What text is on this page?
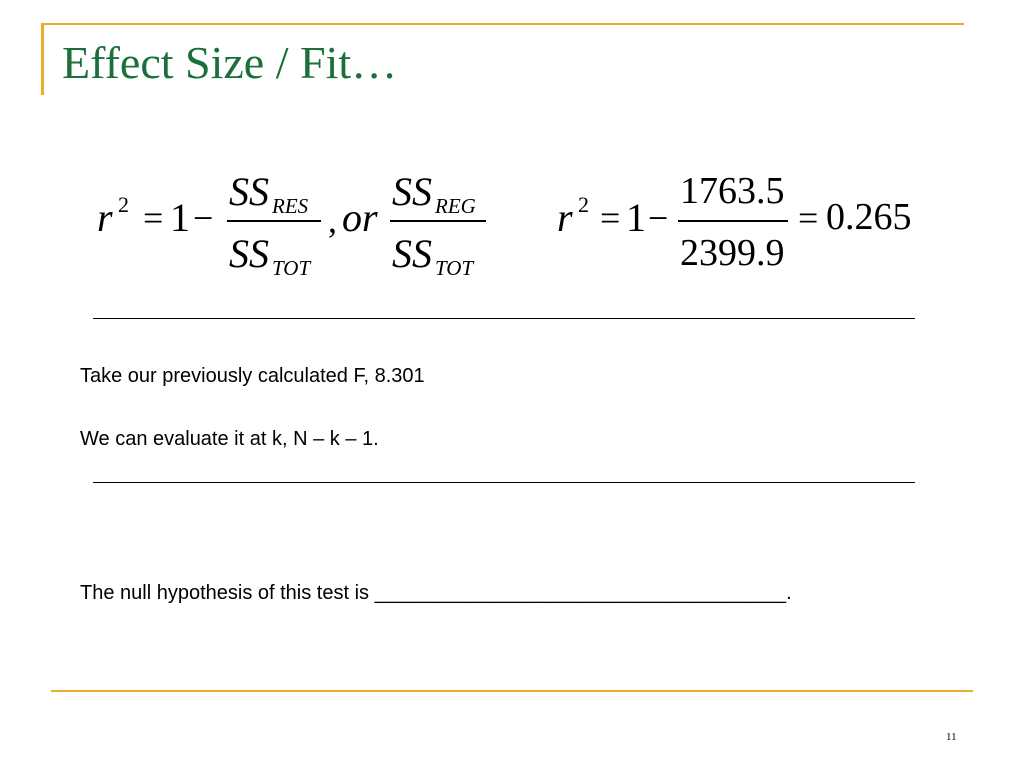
Effect Size / Fit…
r 2 = 1 −
SS RES
SS TOT
, or
SS REG
SS TOT
r 2 = 1 −
1763.5
2399.9
= 0.265
Take our previously calculated F, 8.301
We can evaluate it at k, N – k – 1.
The null hypothesis of this test is _____________________________________.
11
